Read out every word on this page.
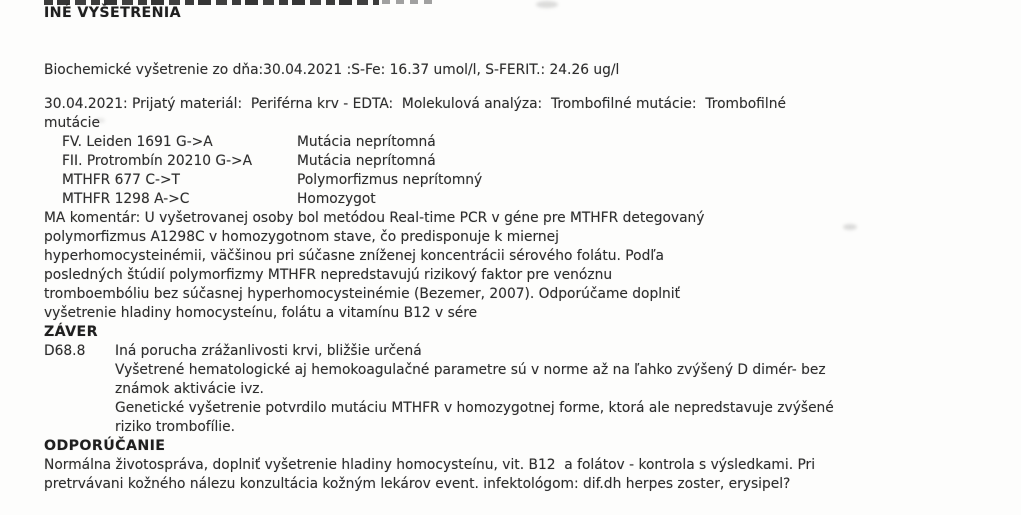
INÉ VYŠETRENIA
Biochemické vyšetrenie zo dňa:30.04.2021 :S-Fe: 16.37 umol/l, S-FERIT.: 24.26 ug/l
30.04.2021: Prijatý materiál:  Periférna krv - EDTA:  Molekulová analýza:  Trombofilné mutácie:  Trombofilné
mutácie
FV. Leiden 1691 G->A	Mutácia neprítomná
FII. Protrombín 20210 G->A	Mutácia neprítomná
MTHFR 677 C->T	Polymorfizmus neprítomný
MTHFR 1298 A->C	Homozygot
MA komentár: U vyšetrovanej osoby bol metódou Real-time PCR v géne pre MTHFR detegovaný
polymorfizmus A1298C v homozygotnom stave, čo predisponuje k miernej
hyperhomocysteinémii, väčšinou pri súčasne zníženej koncentrácii sérového folátu. Podľa
posledných štúdií polymorfizmy MTHFR nepredstavujú rizikový faktor pre venóznu
tromboembóliu bez súčasnej hyperhomocysteinémie (Bezemer, 2007). Odporúčame doplniť
vyšetrenie hladiny homocysteínu, folátu a vitamínu B12 v sére
ZÁVER
D68.8 Iná porucha zrážanlivosti krvi, bližšie určená
Vyšetrené hematologické aj hemokoagulačné parametre sú v norme až na ľahko zvýšený D dimér- bez
známok aktivácie ivz.
Genetické vyšetrenie potvrdilo mutáciu MTHFR v homozygotnej forme, ktorá ale nepredstavuje zvýšené
riziko trombofílie.
ODPORÚČANIE
Normálna životospráva, doplniť vyšetrenie hladiny homocysteínu, vit. B12  a folátov - kontrola s výsledkami. Pri
pretrvávani kožného nálezu konzultácia kožným lekárov event. infektológom: dif.dh herpes zoster, erysipel?
